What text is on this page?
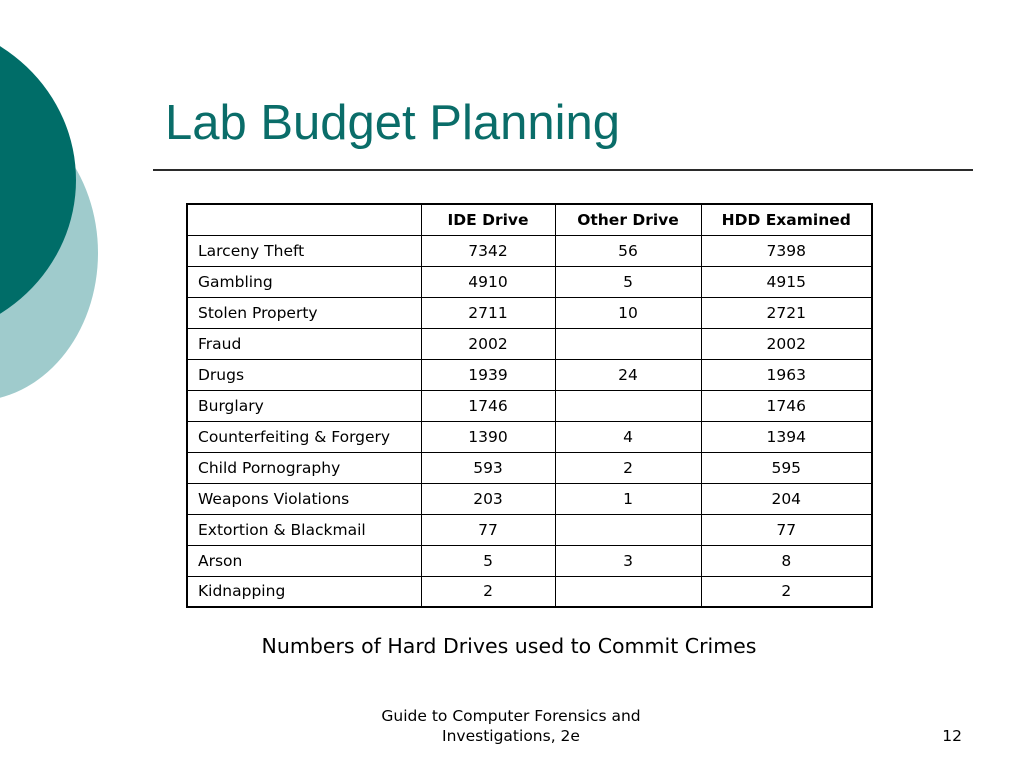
Lab Budget Planning
	IDE Drive	Other Drive	HDD Examined
Larceny Theft	7342	56	7398
Gambling	4910	5	4915
Stolen Property	2711	10	2721
Fraud	2002		2002
Drugs	1939	24	1963
Burglary	1746		1746
Counterfeiting & Forgery	1390	4	1394
Child Pornography	593	2	595
Weapons Violations	203	1	204
Extortion & Blackmail	77		77
Arson	5	3	8
Kidnapping	2		2
Numbers of Hard Drives used to Commit Crimes
Guide to Computer Forensics and
Investigations, 2e	12
